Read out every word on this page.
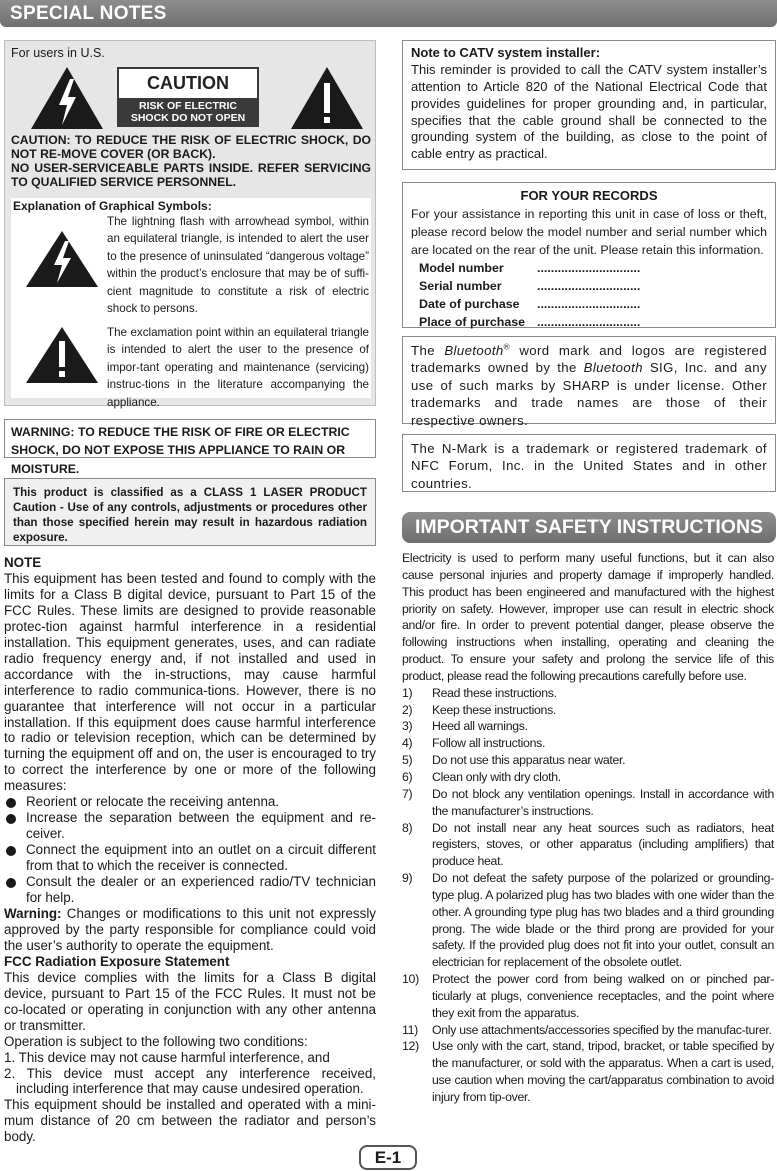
SPECIAL NOTES
For users in U.S.
CAUTION
RISK OF ELECTRIC
SHOCK DO NOT OPEN
CAUTION: TO REDUCE THE RISK OF ELECTRIC SHOCK, DO NOT RE-MOVE COVER (OR BACK).
NO USER-SERVICEABLE PARTS INSIDE. REFER SERVICING TO QUALIFIED SERVICE PERSONNEL.
Explanation of Graphical Symbols:
The lightning flash with arrowhead symbol, within an equilateral triangle, is intended to alert the user to the presence of uninsulated “dangerous voltage” within the product’s enclosure that may be of suffi-cient magnitude to constitute a risk of electric shock to persons.
The exclamation point within an equilateral triangle is intended to alert the user to the presence of impor-tant operating and maintenance (servicing) instruc-tions in the literature accompanying the appliance.
WARNING: TO REDUCE THE RISK OF FIRE OR ELECTRIC SHOCK, DO NOT EXPOSE THIS APPLIANCE TO RAIN OR MOISTURE.
This product is classified as a CLASS 1 LASER PRODUCT Caution - Use of any controls, adjustments or procedures other than those specified herein may result in hazardous radiation exposure.

NOTE

This equipment has been tested and found to comply with the limits for a Class B digital device, pursuant to Part 15 of the FCC Rules. These limits are designed to provide reasonable protec-tion against harmful interference in a residential installation. This equipment generates, uses, and can radiate radio frequency energy and, if not installed and used in accordance with the in-structions, may cause harmful interference to radio communica-tions. However, there is no guarantee that interference will not occur in a particular installation. If this equipment does cause harmful interference to radio or television reception, which can be determined by turning the equipment off and on, the user is encouraged to try to correct the interference by one or more of the following measures:

Reorient or relocate the receiving antenna.

Increase the separation between the equipment and re-ceiver.

Connect the equipment into an outlet on a circuit different from that to which the receiver is connected.

Consult the dealer or an experienced radio/TV technician for help.

Warning: Changes or modifications to this unit not expressly approved by the party responsible for compliance could void the user’s authority to operate the equipment.

FCC Radiation Exposure Statement

This device complies with the limits for a Class B digital device, pursuant to Part 15 of the FCC Rules. It must not be co-located or operating in conjunction with any other antenna or transmitter.

Operation is subject to the following two conditions:

1. This device may not cause harmful interference, and

2. This device must accept any interference received, including interference that may cause undesired operation.

This equipment should be installed and operated with a mini-mum distance of 20 cm between the radiator and person’s body.

Note to CATV system installer:
This reminder is provided to call the CATV system installer’s attention to Article 820 of the National Electrical Code that provides guidelines for proper grounding and, in particular, specifies that the cable ground shall be connected to the grounding system of the building, as close to the point of cable entry as practical.
FOR YOUR RECORDS
For your assistance in reporting this unit in case of loss or theft, please record below the model number and serial number which are located on the rear of the unit. Please retain this information.
Model number	..............................
Serial number	..............................
Date of purchase	..............................
Place of purchase ..............................
The Bluetooth® word mark and logos are registered trademarks owned by the Bluetooth SIG, Inc. and any use of such marks by SHARP is under license. Other trademarks and trade names are those of their respective owners.
The N-Mark is a trademark or registered trademark of NFC Forum, Inc. in the United States and in other countries.
IMPORTANT SAFETY INSTRUCTIONS
Electricity is used to perform many useful functions, but it can also cause personal injuries and property damage if improperly handled. This product has been engineered and manufactured with the highest priority on safety. However, improper use can result in electric shock and/or fire. In order to prevent potential danger, please observe the following instructions when installing, operating and cleaning the product. To ensure your safety and prolong the service life of this product, please read the following precautions carefully before use.
1) Read these instructions.
2) Keep these instructions.
3) Heed all warnings.
4) Follow all instructions.
5) Do not use this apparatus near water.
6) Clean only with dry cloth.
7) Do not block any ventilation openings. Install in accordance with the manufacturer’s instructions.
8) Do not install near any heat sources such as radiators, heat registers, stoves, or other apparatus (including amplifiers) that produce heat.
9) Do not defeat the safety purpose of the polarized or grounding-type plug. A polarized plug has two blades with one wider than the other. A grounding type plug has two blades and a third grounding prong. The wide blade or the third prong are provided for your safety. If the provided plug does not fit into your outlet, consult an electrician for replacement of the obsolete outlet.
10) Protect the power cord from being walked on or pinched par-ticularly at plugs, convenience receptacles, and the point where they exit from the apparatus.
11) Only use attachments/accessories specified by the manufac-turer.
12) Use only with the cart, stand, tripod, bracket, or table specified by the manufacturer, or sold with the apparatus. When a cart is used, use caution when moving the cart/apparatus combination to avoid injury from tip-over.
E-1
